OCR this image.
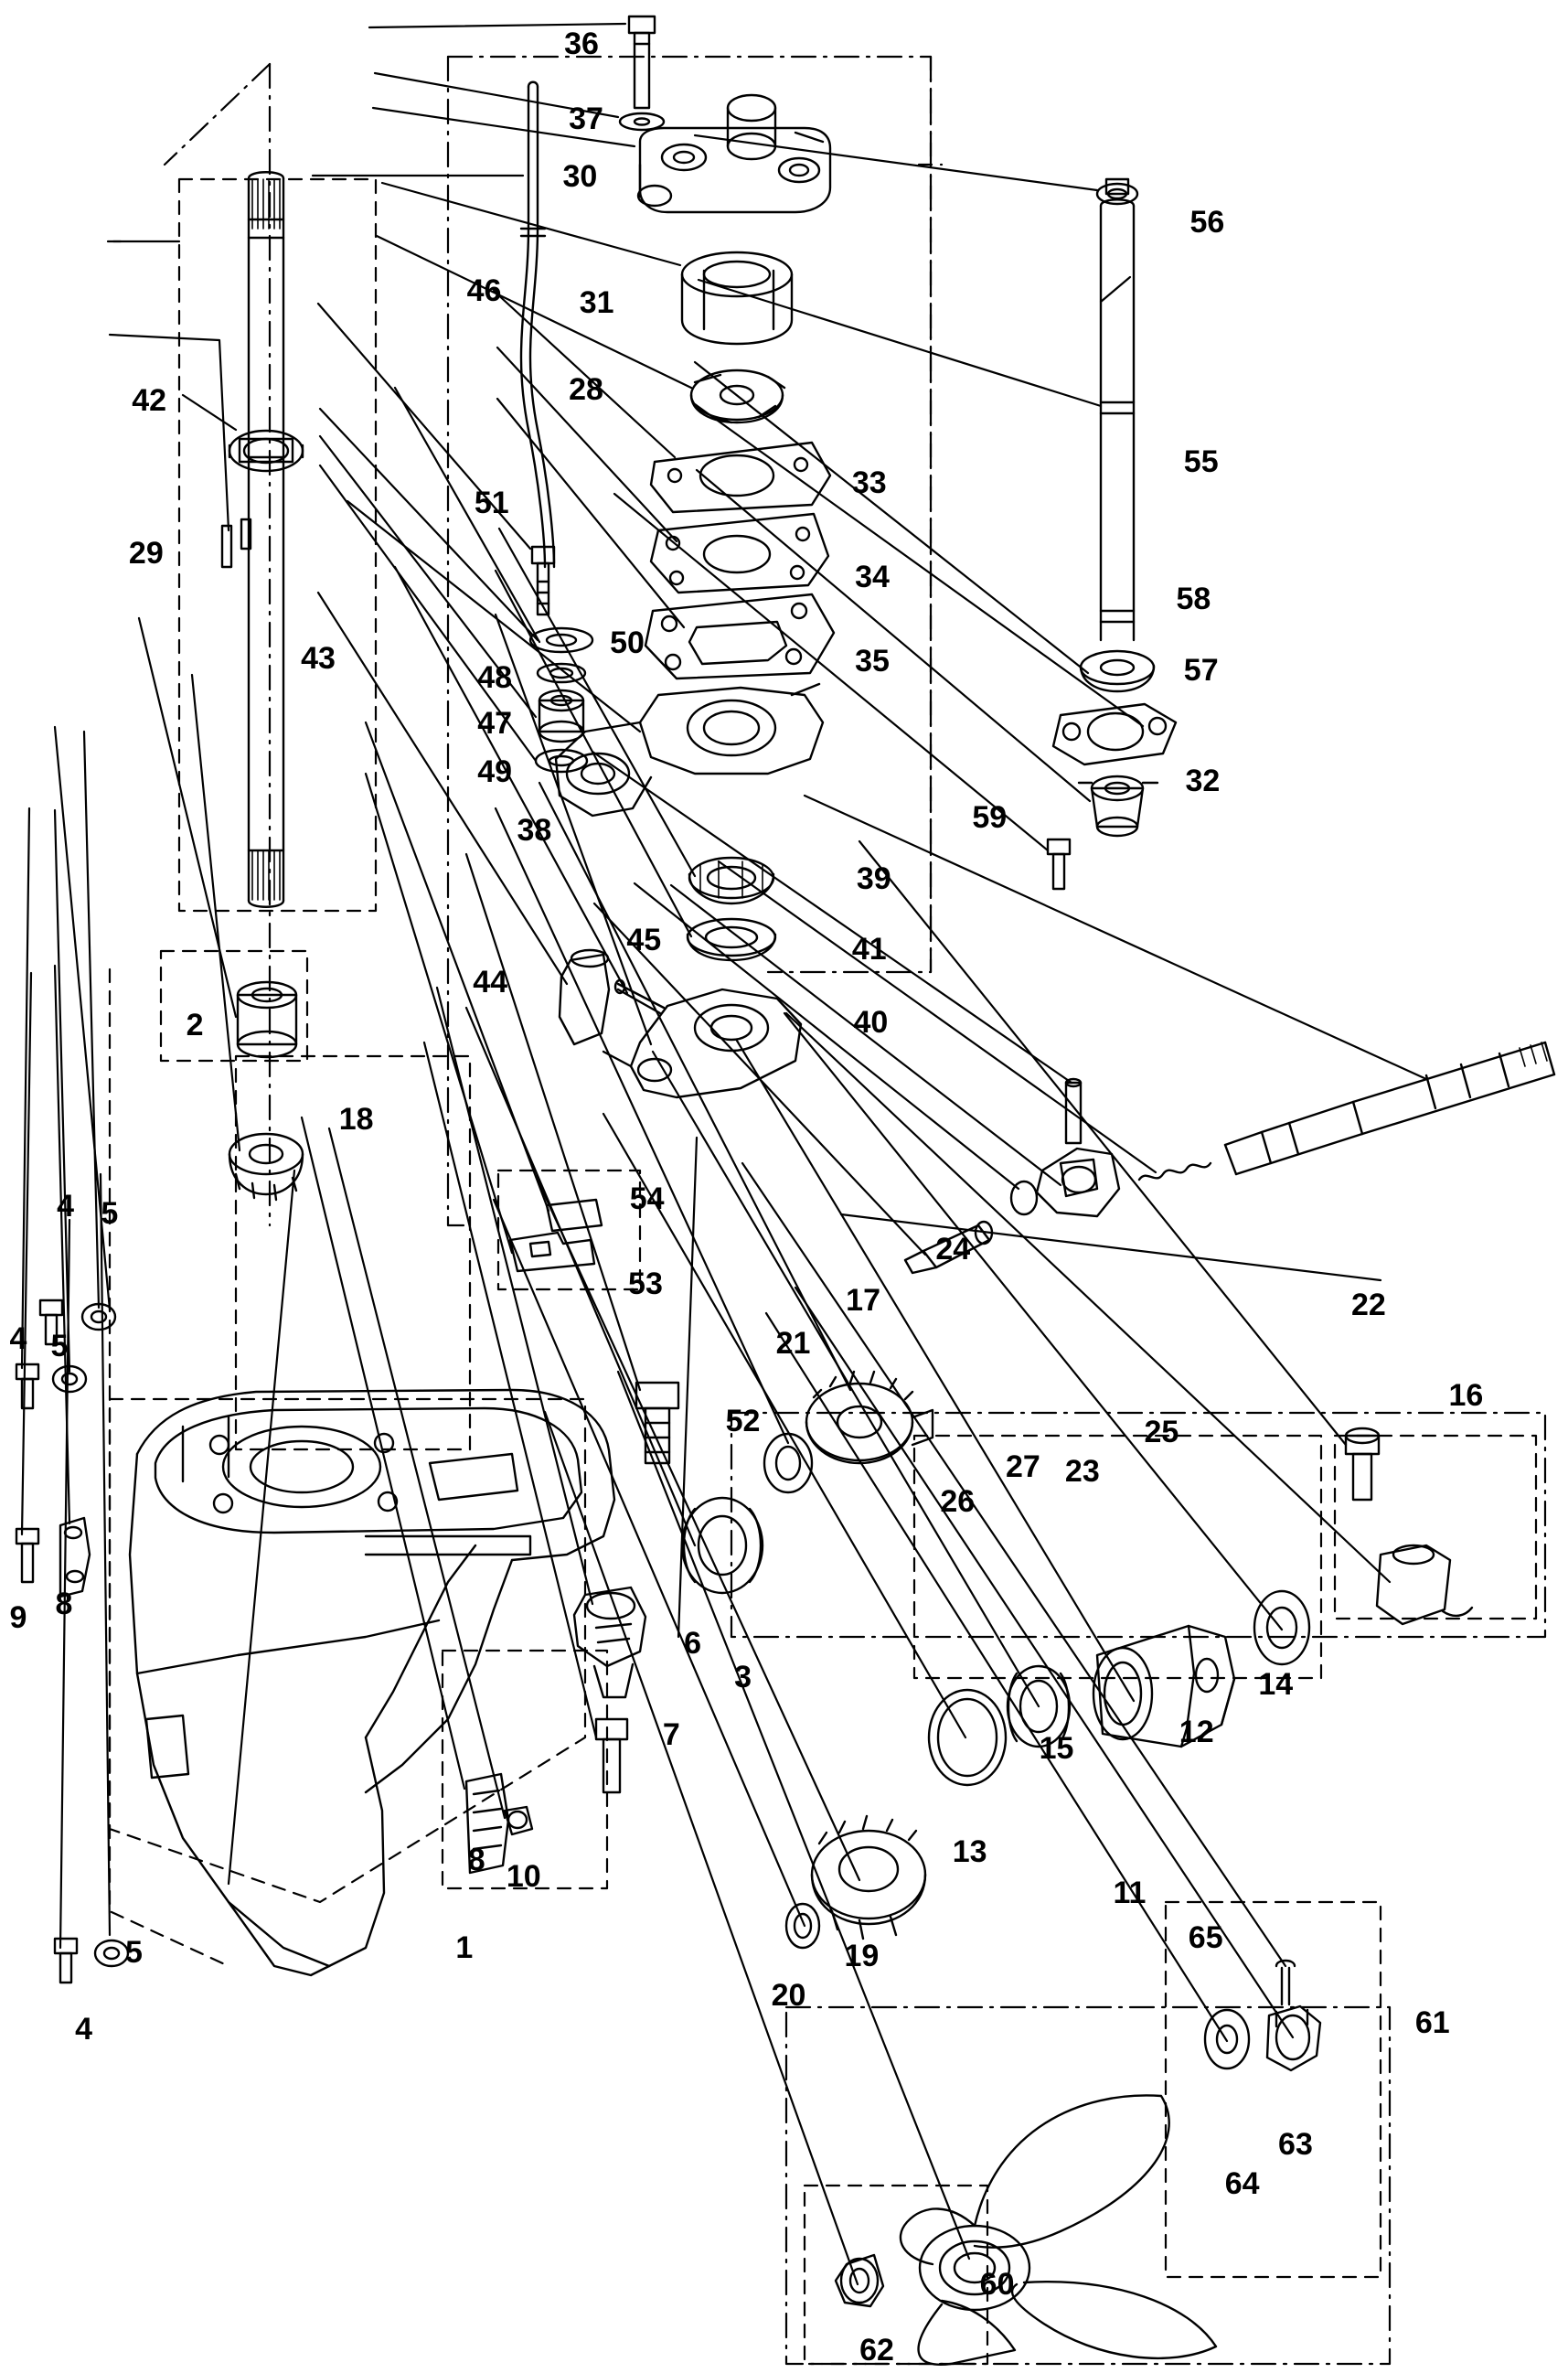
36
37
30
56
46	31
28
42
55
33
51
29
34
58
43	50
57
48	35
47
49	32
59
38
39
45	41
44
40
2
18
54
24
4 5
53	17	22
4 5	21
16
52	25
27 23
26
9 8
3	14
6
12
15
7
13
11
8 10
65
1
20
19
5
4	61
63
64
60
62
